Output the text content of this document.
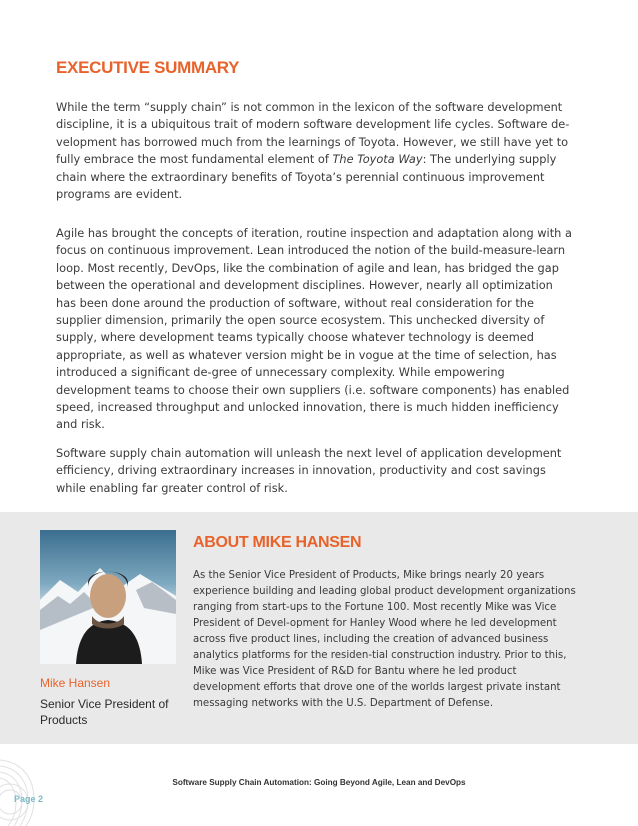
EXECUTIVE SUMMARY

While the term “supply chain” is not common in the lexicon of the software development discipline, it is a ubiquitous trait of modern software development life cycles. Software de-velopment has borrowed much from the learnings of Toyota. However, we still have yet to fully embrace the most fundamental element of The Toyota Way: The underlying supply chain where the extraordinary benefits of Toyota’s perennial continuous improvement programs are evident.

Agile has brought the concepts of iteration, routine inspection and adaptation along with a focus on continuous improvement. Lean introduced the notion of the build-measure-learn loop. Most recently, DevOps, like the combination of agile and lean, has bridged the gap between the operational and development disciplines. However, nearly all optimization has been done around the production of software, without real consideration for the supplier dimension, primarily the open source ecosystem. This unchecked diversity of supply, where development teams typically choose whatever technology is deemed appropriate, as well as whatever version might be in vogue at the time of selection, has introduced a significant de-gree of unnecessary complexity. While empowering development teams to choose their own suppliers (i.e. software components) has enabled speed, increased throughput and unlocked innovation, there is much hidden inefficiency and risk.

Software supply chain automation will unleash the next level of application development efficiency, driving extraordinary increases in innovation, productivity and cost savings while enabling far greater control of risk.

ABOUT MIKE HANSEN
As the Senior Vice President of Products, Mike brings nearly 20 years experience building and leading global product development organizations ranging from start-ups to the Fortune 100. Most recently Mike was Vice President of Devel-opment for Hanley Wood where he led development across five product lines, including the creation of advanced business analytics platforms for the residen-tial construction industry. Prior to this, Mike was Vice President of R&D for Bantu where he led product development efforts that drove one of the worlds largest private instant messaging networks with the U.S. Department of Defense.
Mike Hansen
Senior Vice President of Products
Software Supply Chain Automation: Going Beyond Agile, Lean and DevOps
Page 2
